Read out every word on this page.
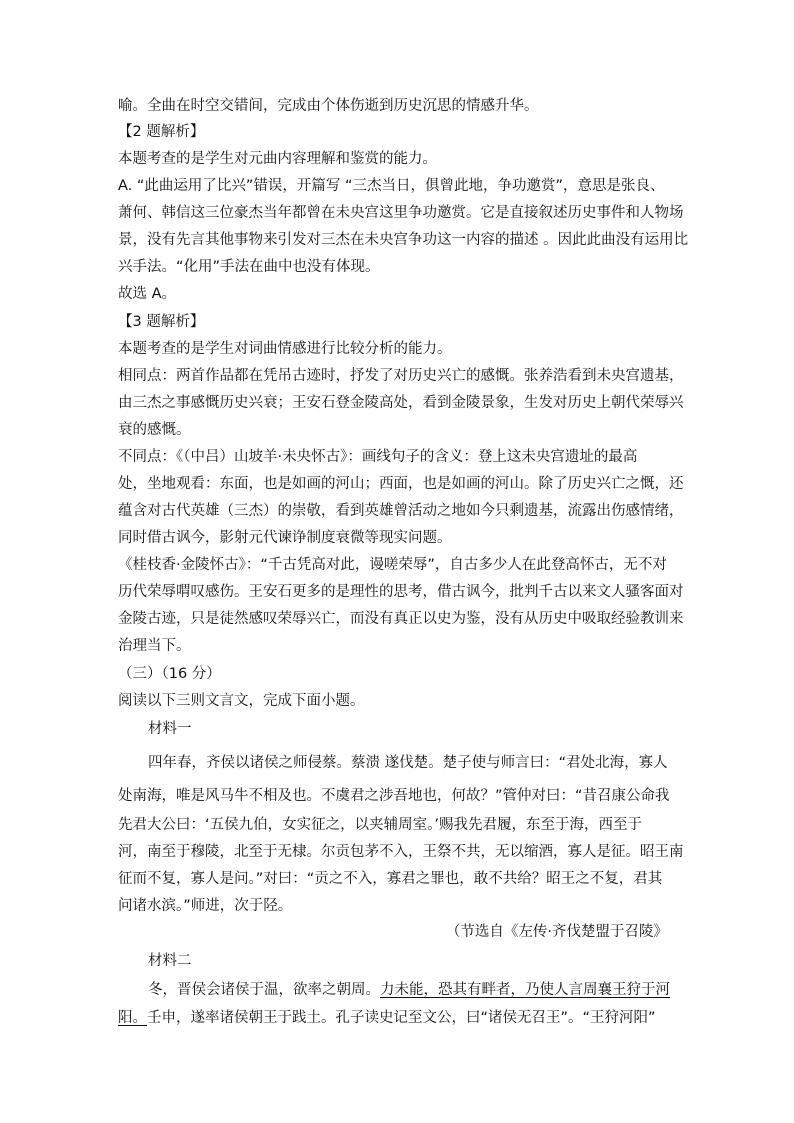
喻。全曲在时空交错间，完成由个体伤逝到历史沉思的情感升华。
【2 题解析】
本题考查的是学生对元曲内容理解和鉴赏的能力。
A. “此曲运用了比兴”错误，开篇写 “三杰当日，俱曾此地，争功邀赏”，意思是张良、
萧何、韩信这三位豪杰当年都曾在未央宫这里争功邀赏。它是直接叙述历史事件和人物场
景，没有先言其他事物来引发对三杰在未央宫争功这一内容的描述 。因此此曲没有运用比
兴手法。“化用”手法在曲中也没有体现。
故选 A。
【3 题解析】
本题考查的是学生对词曲情感进行比较分析的能力。
相同点：两首作品都在凭吊古迹时，抒发了对历史兴亡的感慨。张养浩看到未央宫遗基，
由三杰之事感慨历史兴衰；王安石登金陵高处，看到金陵景象，生发对历史上朝代荣辱兴
衰的感慨。
不同点：《（中吕）山坡羊·未央怀古》：画线句子的含义：登上这未央宫遗址的最高
处，坐地观看：东面，也是如画的河山；西面，也是如画的河山。除了历史兴亡之慨，还
蕴含对古代英雄（三杰）的崇敬，看到英雄曾活动之地如今只剩遗基，流露出伤感情绪，
同时借古讽今，影射元代谏诤制度衰微等现实问题。
《桂枝香·金陵怀古》：“千古凭高对此，谩嗟荣辱”，自古多少人在此登高怀古，无不对
历代荣辱喟叹感伤。王安石更多的是理性的思考，借古讽今，批判千古以来文人骚客面对
金陵古迹，只是徒然感叹荣辱兴亡，而没有真正以史为鉴，没有从历史中吸取经验教训来
治理当下。
（三）（16 分）
阅读以下三则文言文，完成下面小题。
材料一
四年春，齐侯以诸侯之师侵蔡。蔡溃 遂伐楚。楚子使与师言曰：“君处北海，寡人
处南海，唯是风马牛不相及也。不虞君之涉吾地也，何故？”管仲对曰：“昔召康公命我
先君大公曰：‘五侯九伯，女实征之，以夹辅周室。’赐我先君履，东至于海，西至于
河，南至于穆陵，北至于无棣。尔贡包茅不入，王祭不共，无以缩酒，寡人是征。昭王南
征而不复，寡人是问。”对曰：“贡之不入，寡君之罪也，敢不共给？昭王之不复，君其
问诸水滨。”师进，次于陉。
（节选自《左传·齐伐楚盟于召陵》
材料二
冬，晋侯会诸侯于温，欲率之朝周。力未能，恐其有畔者，乃使人言周襄王狩于河
阳。壬申，遂率诸侯朝王于践土。孔子读史记至文公，曰“诸侯无召王”。“王狩河阳”
